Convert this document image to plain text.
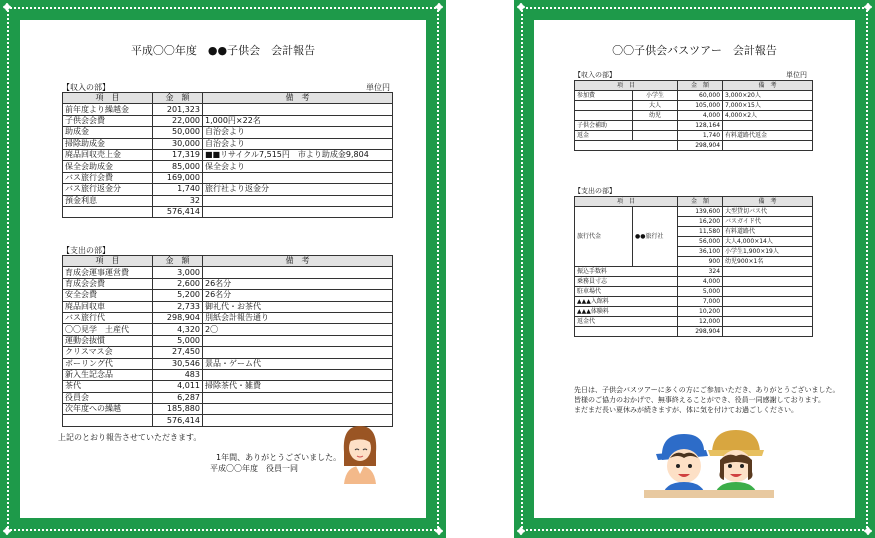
平成〇〇年度　●●子供会　会計報告
【収入の部】	単位円
項　目	金　額	備　考
前年度より繰越金	201,323	
子供会会費	22,000	1,000円×22名
助成金	50,000	自治会より
掃除助成金	30,000	自治会より
廃品回収売上金	17,319	■■リサイクル7,515円　市より助成金9,804
保全会助成金	85,000	保全会より
バス旅行会費	169,000	
バス旅行返金分	1,740	旅行社より返金分
預金利息	32	
	576,414	
【支出の部】
項　目	金　額	備　考
育成会運事運営費	3,000	
育成会会費	2,600	26名分
安全会費	5,200	26名分
廃品回収車	2,733	御礼代・お茶代
バス旅行代	298,904	別紙会計報告通り
〇〇見学　土産代	4,320	2〇
運動会抜慣	5,000	
クリスマス会	27,450	
ボーリング代	30,546	景品・ゲーム代
新入生記念品	483	
茶代	4,011	掃除茶代・雑費
役員会	6,287	
次年度への繰越	185,880	
	576,414	
上記のとおり報告させていただきます。
1年間、ありがとうございました。
平成〇〇年度　役員一同
〇〇子供会バスツアー　会計報告
【収入の部】	単位円
項　目		金　額	備　考
参加費	小学生	60,000	3,000×20人
	大人	105,000	7,000×15人
	幼児	4,000	4,000×2人
子供会補助		128,164	
返金		1,740	有料道路代返金
		298,904	
【支出の部】
項　目		金　額	備　考
旅行代金	●●旅行社	139,600	大型貸切バス代
		16,200	バスガイド代
		11,580	有料道路代
		56,000	大人4,000×14人
		36,100	小学生1,900×19人
		900	幼児900×1名
振込手数料		324	
乗務員寸志		4,000	
駐車場代		5,000	
▲▲▲入館料		7,000	
▲▲▲体験料		10,200	
返金代		12,000	
		298,904	
先日は、子供会バスツアーに多くの方にご参加いただき、ありがとうございました。
皆様のご協力のおかげで、無事終えることができ、役員一同感謝しております。
まだまだ長い夏休みが続きますが、体に気を付けてお過ごしください。
